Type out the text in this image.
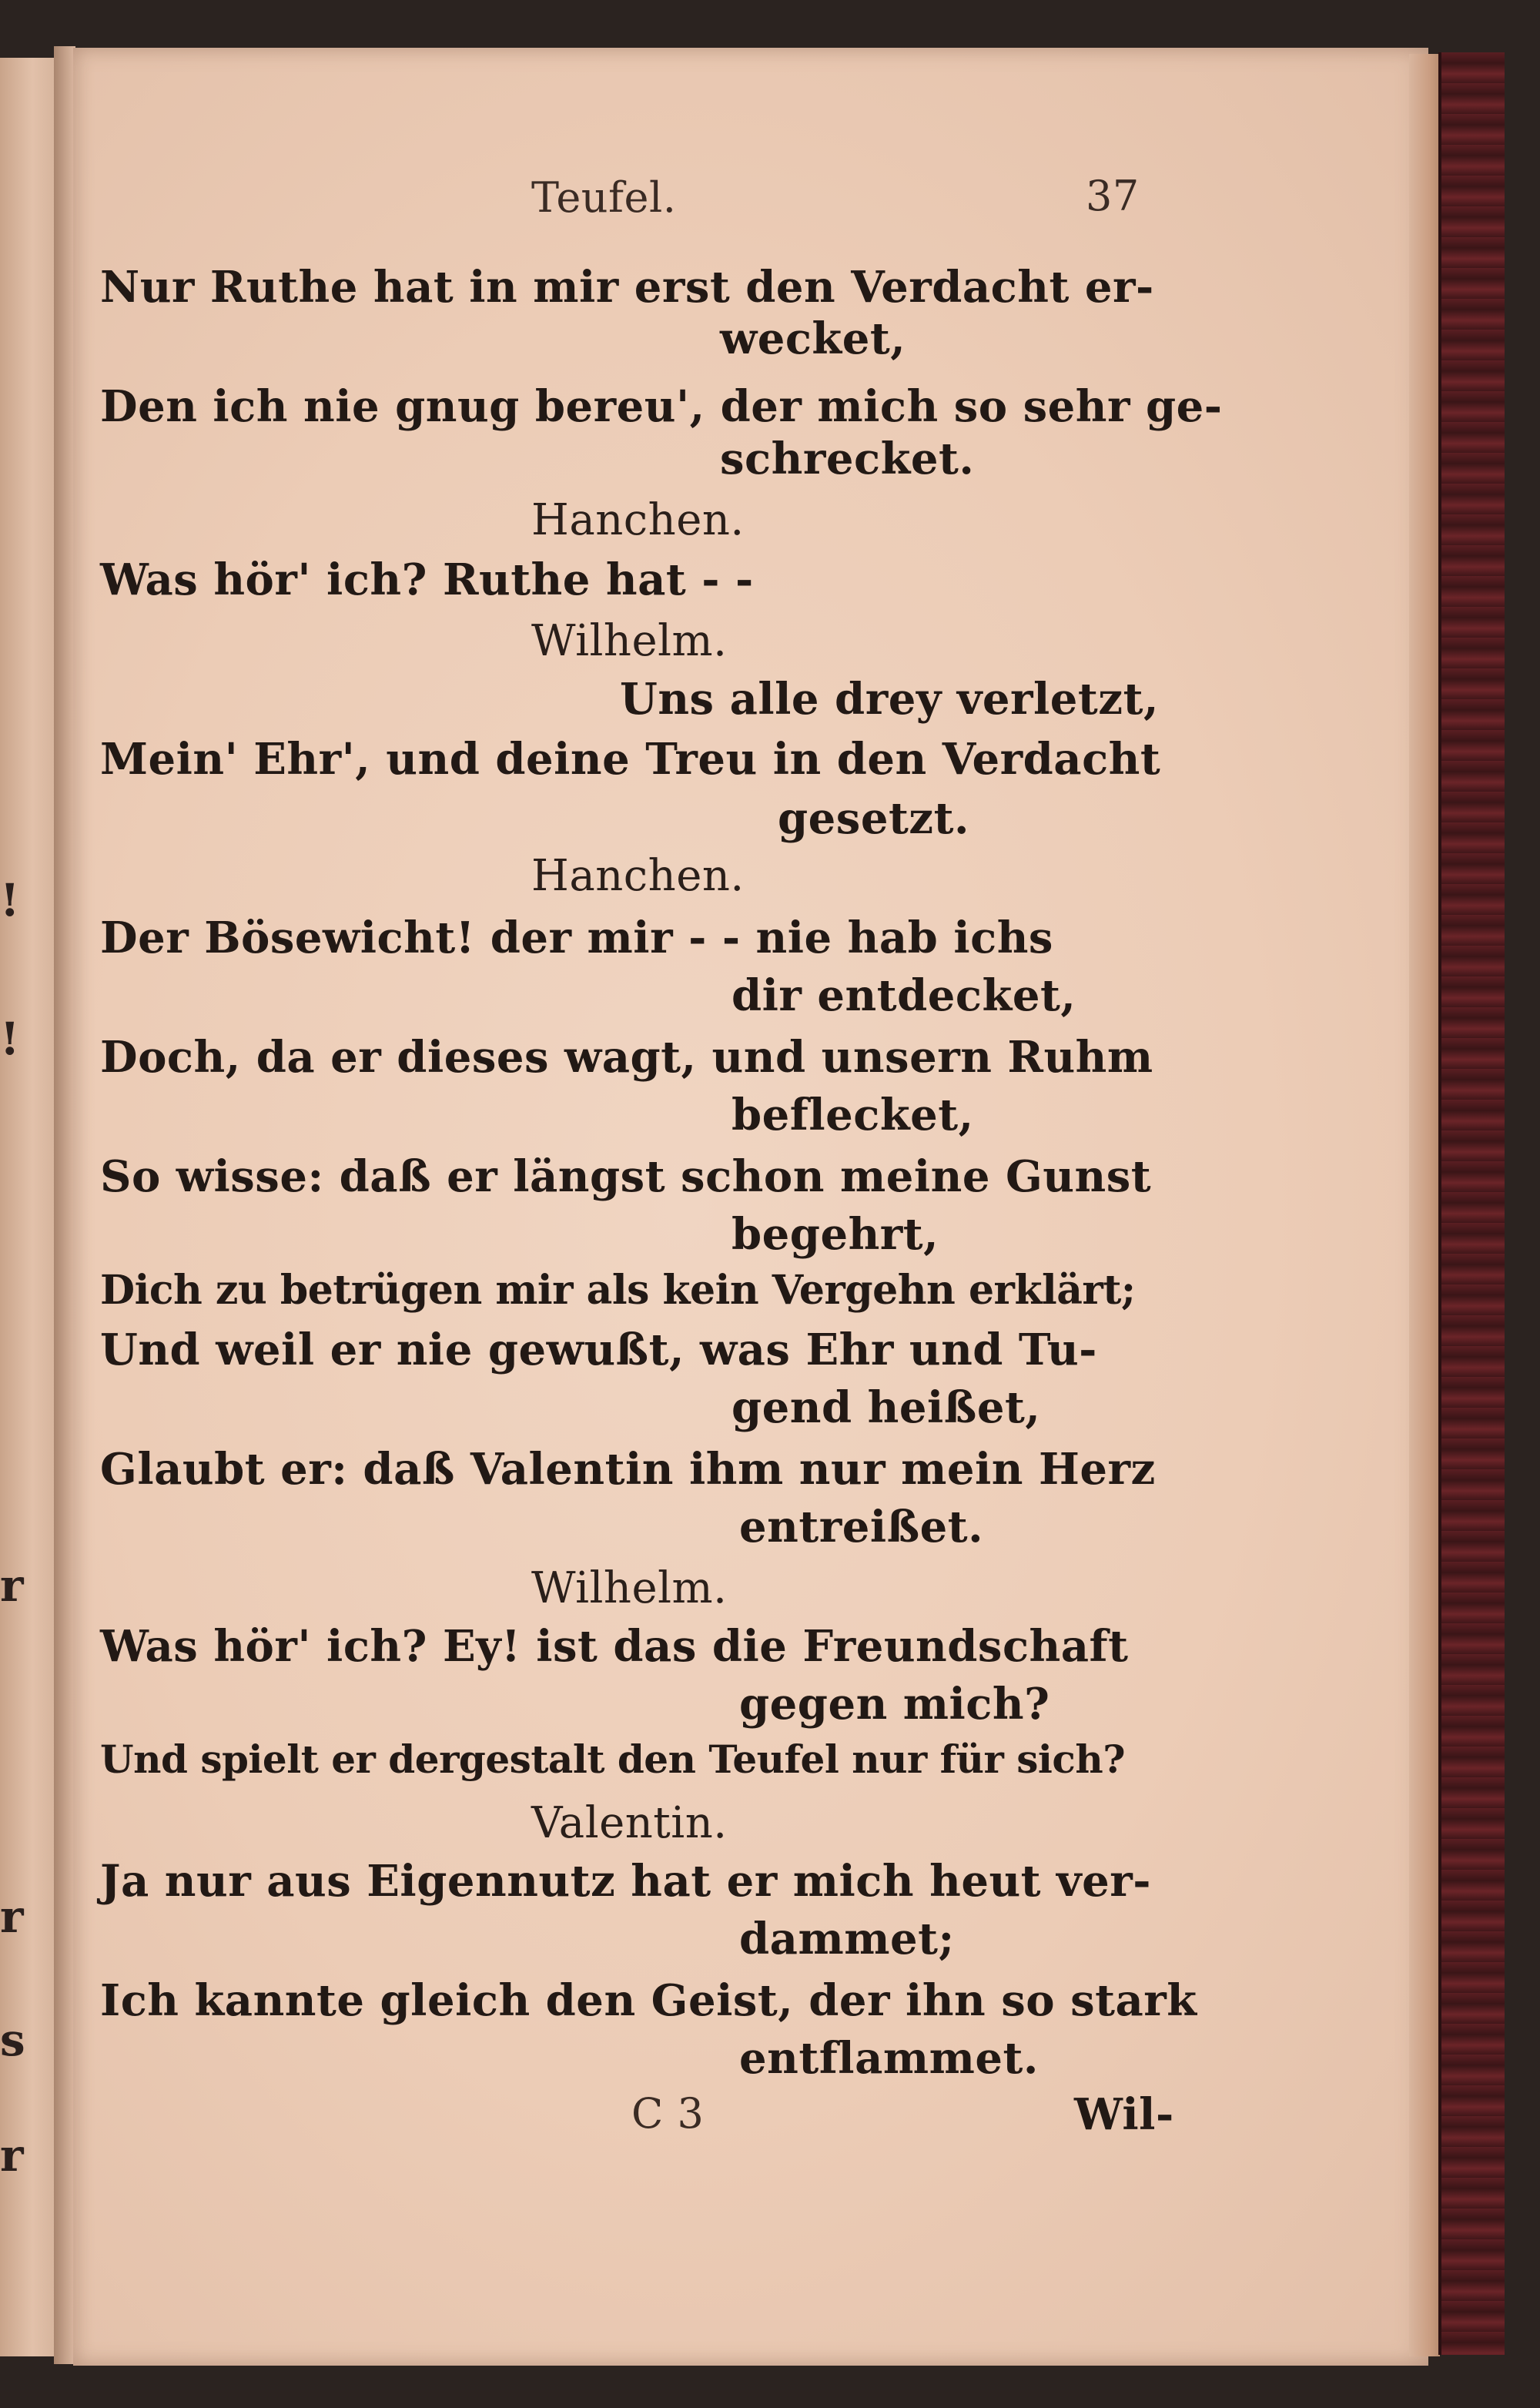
!
!
r
r
s
r
Teufel.	37
Nur Ruthe hat in mir erst den Verdacht er-
wecket,
Den ich nie gnug bereu', der mich so sehr ge-
schrecket.
Hanchen.
Was hör' ich? Ruthe hat - -
Wilhelm.
Uns alle drey verletzt,
Mein' Ehr', und deine Treu in den Verdacht
gesetzt.
Hanchen.
Der Bösewicht! der mir - - nie hab ichs
dir entdecket,
Doch, da er dieses wagt, und unsern Ruhm
beflecket,
So wisse: daß er längst schon meine Gunst
begehrt,
Dich zu betrügen mir als kein Vergehn erklärt;
Und weil er nie gewußt, was Ehr und Tu-
gend heißet,
Glaubt er: daß Valentin ihm nur mein Herz
entreißet.
Wilhelm.
Was hör' ich? Ey! ist das die Freundschaft
gegen mich?
Und spielt er dergestalt den Teufel nur für sich?
Valentin.
Ja nur aus Eigennutz hat er mich heut ver-
dammet;
Ich kannte gleich den Geist, der ihn so stark
entflammet.
C 3	Wil-
